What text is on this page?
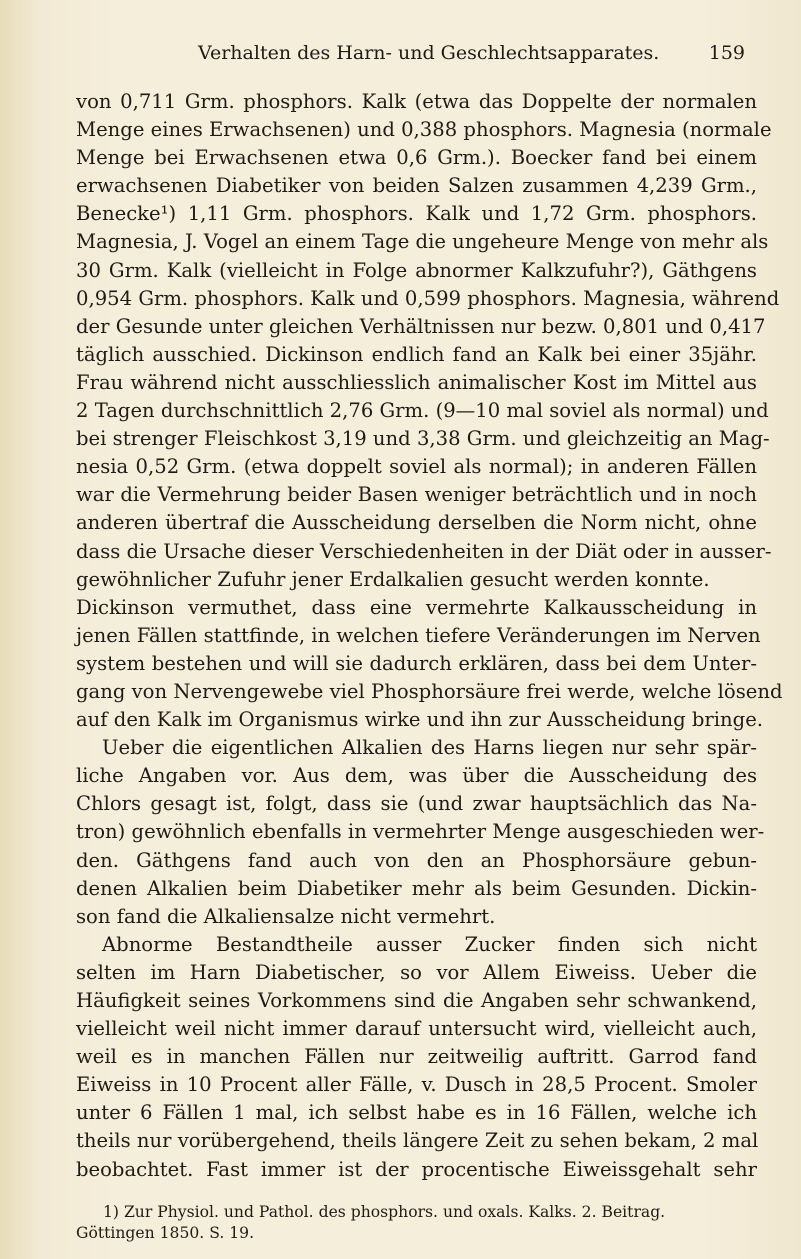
Verhalten des Harn- und Geschlechtsapparates.	159
von 0,711 Grm. phosphors. Kalk (etwa das Doppelte der normalen
Menge eines Erwachsenen) und 0,388 phosphors. Magnesia (normale
Menge bei Erwachsenen etwa 0,6 Grm.). Boecker fand bei einem
erwachsenen Diabetiker von beiden Salzen zusammen 4,239 Grm.,
Benecke¹) 1,11 Grm. phosphors. Kalk und 1,72 Grm. phosphors.
Magnesia, J. Vogel an einem Tage die ungeheure Menge von mehr als
30 Grm. Kalk (vielleicht in Folge abnormer Kalkzufuhr?), Gäthgens
0,954 Grm. phosphors. Kalk und 0,599 phosphors. Magnesia, während
der Gesunde unter gleichen Verhältnissen nur bezw. 0,801 und 0,417
täglich ausschied. Dickinson endlich fand an Kalk bei einer 35jähr.
Frau während nicht ausschliesslich animalischer Kost im Mittel aus
2 Tagen durchschnittlich 2,76 Grm. (9—10 mal soviel als normal) und
bei strenger Fleischkost 3,19 und 3,38 Grm. und gleichzeitig an Mag-
nesia 0,52 Grm. (etwa doppelt soviel als normal); in anderen Fällen
war die Vermehrung beider Basen weniger beträchtlich und in noch
anderen übertraf die Ausscheidung derselben die Norm nicht, ohne
dass die Ursache dieser Verschiedenheiten in der Diät oder in ausser-
gewöhnlicher Zufuhr jener Erdalkalien gesucht werden konnte.
Dickinson vermuthet, dass eine vermehrte Kalkausscheidung in
jenen Fällen stattfinde, in welchen tiefere Veränderungen im Nerven
system bestehen und will sie dadurch erklären, dass bei dem Unter-
gang von Nervengewebe viel Phosphorsäure frei werde, welche lösend
auf den Kalk im Organismus wirke und ihn zur Ausscheidung bringe.
Ueber die eigentlichen Alkalien des Harns liegen nur sehr spär-
liche Angaben vor. Aus dem, was über die Ausscheidung des
Chlors gesagt ist, folgt, dass sie (und zwar hauptsächlich das Na-
tron) gewöhnlich ebenfalls in vermehrter Menge ausgeschieden wer-
den. Gäthgens fand auch von den an Phosphorsäure gebun-
denen Alkalien beim Diabetiker mehr als beim Gesunden. Dickin-
son fand die Alkaliensalze nicht vermehrt.
Abnorme Bestandtheile ausser Zucker finden sich nicht
selten im Harn Diabetischer, so vor Allem Eiweiss. Ueber die
Häufigkeit seines Vorkommens sind die Angaben sehr schwankend,
vielleicht weil nicht immer darauf untersucht wird, vielleicht auch,
weil es in manchen Fällen nur zeitweilig auftritt. Garrod fand
Eiweiss in 10 Procent aller Fälle, v. Dusch in 28,5 Procent. Smoler
unter 6 Fällen 1 mal, ich selbst habe es in 16 Fällen, welche ich
theils nur vorübergehend, theils längere Zeit zu sehen bekam, 2 mal
beobachtet. Fast immer ist der procentische Eiweissgehalt sehr
1) Zur Physiol. und Pathol. des phosphors. und oxals. Kalks. 2. Beitrag.
Göttingen 1850. S. 19.
